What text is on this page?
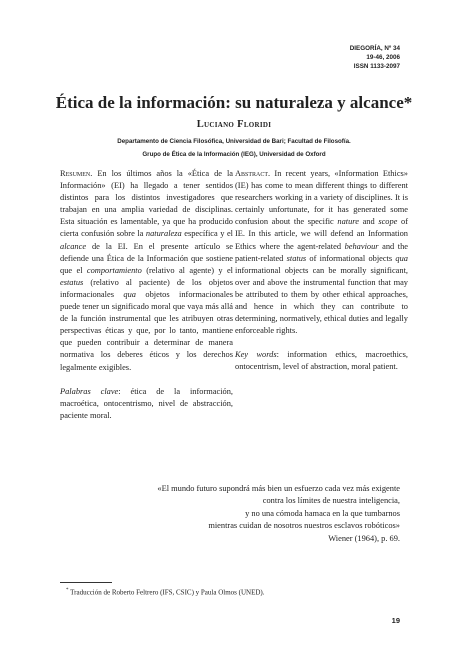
DIEGORÍA, Nº 34
19-46, 2006
ISSN 1133-2097
Ética de la información: su naturaleza y alcance*
Luciano Floridi
Departamento de Ciencia Filosófica, Universidad de Bari; Facultad de Filosofía.
Grupo de Ética de la Información (IEG), Universidad de Oxford

Resumen. En los últimos años la «Ética de la Información» (EI) ha llegado a tener sentidos distintos para los distintos investigadores que trabajan en una amplia variedad de disciplinas. Esta situación es lamentable, ya que ha producido cierta confusión sobre la naturaleza específica y el alcance de la EI. En el presente artículo se defiende una Ética de la Información que sostiene que el comportamiento (relativo al agente) y el estatus (relativo al paciente) de los objetos informacionales qua objetos informacionales puede tener un significado moral que vaya más allá de la función instrumental que les atribuyen otras perspectivas éticas y que, por lo tanto, mantiene que pueden contribuir a determinar de manera normativa los deberes éticos y los derechos legalmente exigibles.

Palabras clave: ética de la información, macroética, ontocentrismo, nivel de abstracción, paciente moral.

Abstract. In recent years, «Information Ethics» (IE) has come to mean different things to different researchers working in a variety of disciplines. It is certainly unfortunate, for it has generated some confusion about the specific nature and scope of IE. In this article, we will defend an Information Ethics where the agent-related behaviour and the patient-related status of informational objects qua informational objects can be morally significant, over and above the instrumental function that may be attributed to them by other ethical approaches, and hence in which they can contribute to determining, normatively, ethical duties and legally enforceable rights.

Key words: information ethics, macroethics, ontocentrism, level of abstraction, moral patient.

«El mundo futuro supondrá más bien un esfuerzo cada vez más exigente
contra los límites de nuestra inteligencia,
y no una cómoda hamaca en la que tumbarnos
mientras cuidan de nosotros nuestros esclavos robóticos»
Wiener (1964), p. 69.
* Traducción de Roberto Feltrero (IFS, CSIC) y Paula Olmos (UNED).
19
